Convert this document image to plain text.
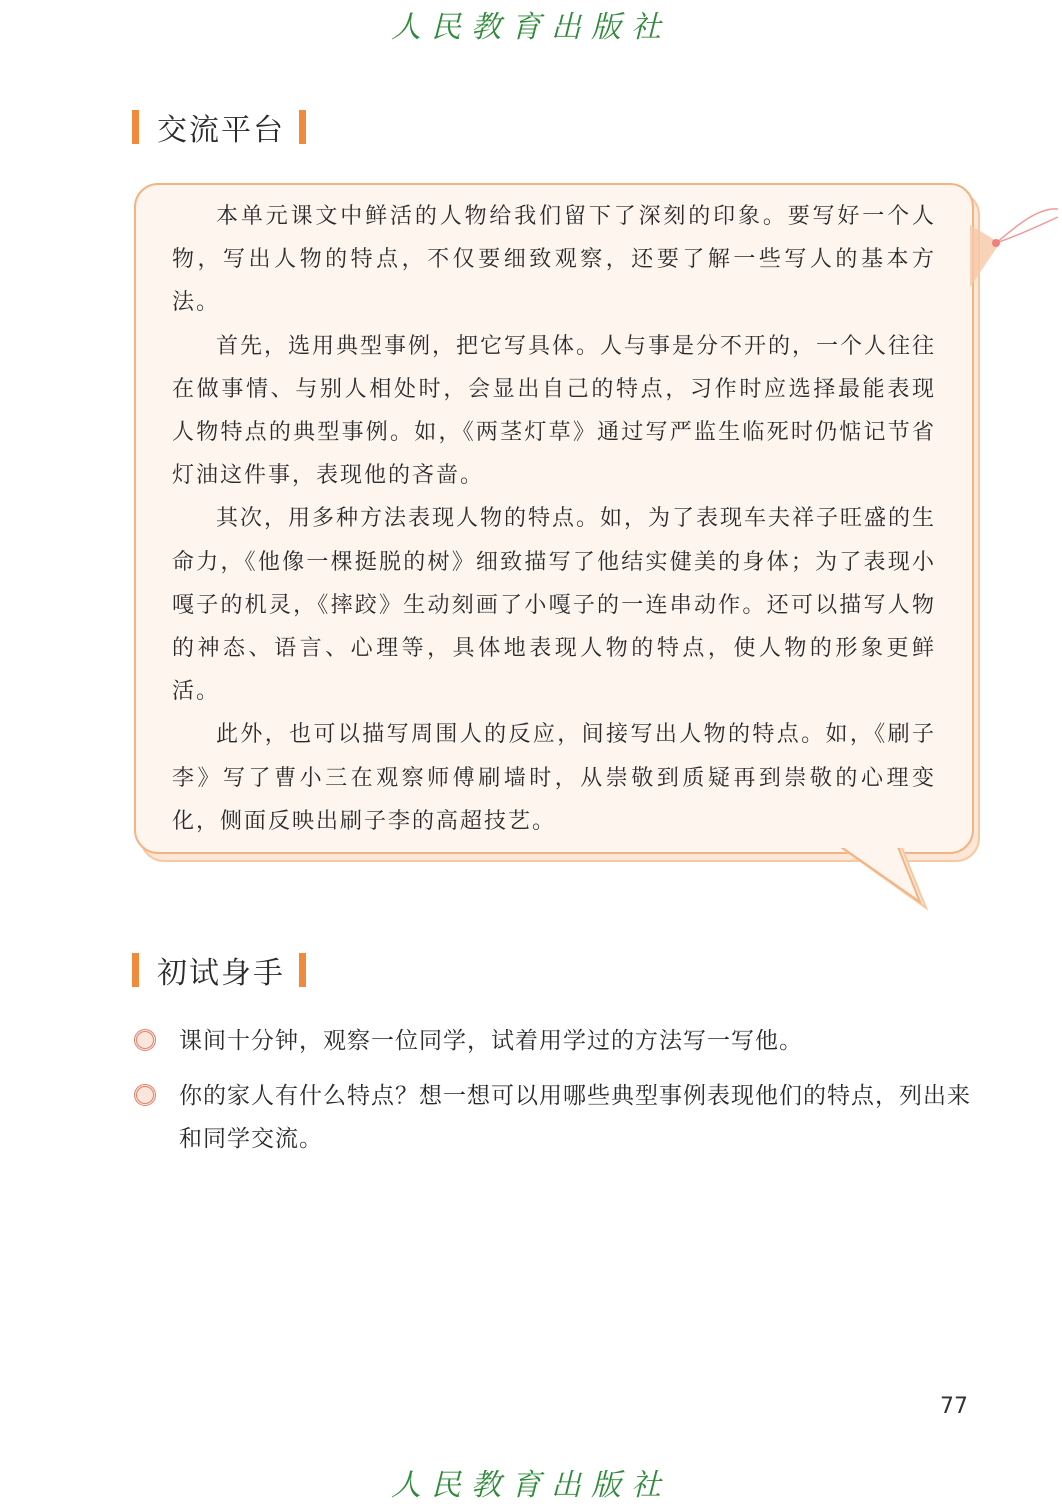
人民教育出版社
交流平台

本单元课文中鲜活的人物给我们留下了深刻的印象。要写好一个人物，写出人物的特点，不仅要细致观察，还要了解一些写人的基本方法。

首先，选用典型事例，把它写具体。人与事是分不开的，一个人往往在做事情、与别人相处时，会显出自己的特点，习作时应选择最能表现人物特点的典型事例。如，《两茎灯草》通过写严监生临死时仍惦记节省灯油这件事，表现他的吝啬。

其次，用多种方法表现人物的特点。如，为了表现车夫祥子旺盛的生命力，《他像一棵挺脱的树》细致描写了他结实健美的身体；为了表现小嘎子的机灵，《摔跤》生动刻画了小嘎子的一连串动作。还可以描写人物的神态、语言、心理等，具体地表现人物的特点，使人物的形象更鲜活。

此外，也可以描写周围人的反应，间接写出人物的特点。如，《刷子李》写了曹小三在观察师傅刷墙时，从崇敬到质疑再到崇敬的心理变化，侧面反映出刷子李的高超技艺。

初试身手
课间十分钟，观察一位同学，试着用学过的方法写一写他。
你的家人有什么特点？想一想可以用哪些典型事例表现他们的特点，列出来和同学交流。
77
人民教育出版社
